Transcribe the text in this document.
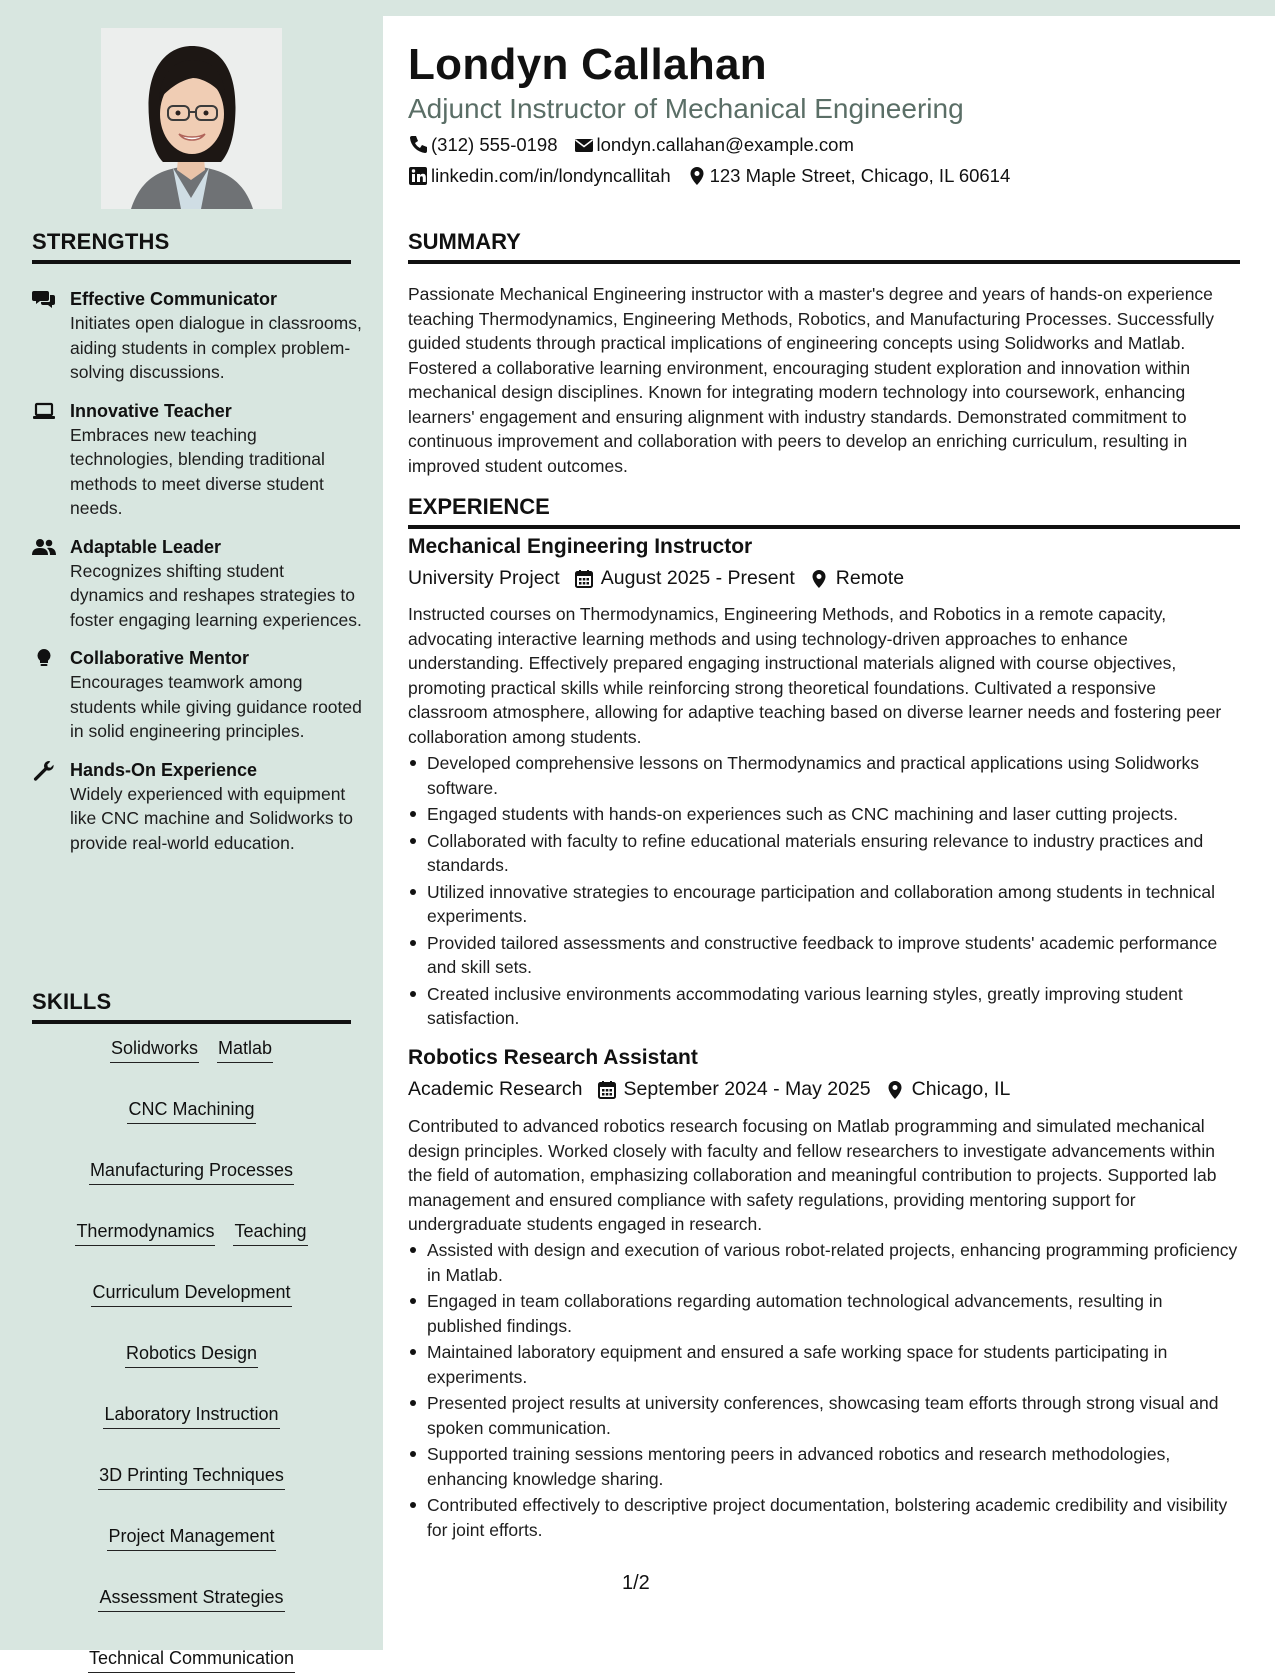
STRENGTHS
Effective Communicator
Initiates open dialogue in classrooms, aiding students in complex problem-solving discussions.
Innovative Teacher
Embraces new teaching technologies, blending traditional methods to meet diverse student needs.
Adaptable Leader
Recognizes shifting student dynamics and reshapes strategies to foster engaging learning experiences.
Collaborative Mentor
Encourages teamwork among students while giving guidance rooted in solid engineering principles.
Hands-On Experience
Widely experienced with equipment like CNC machine and Solidworks to provide real-world education.
SKILLS
Solidworks Matlab
CNC Machining
Manufacturing Processes
Thermodynamics Teaching
Curriculum Development
Robotics Design
Laboratory Instruction
3D Printing Techniques
Project Management
Assessment Strategies
Technical Communication
Londyn Callahan
Adjunct Instructor of Mechanical Engineering
(312) 555-0198 londyn.callahan@example.com
linkedin.com/in/londyncallitah 123 Maple Street, Chicago, IL 60614
SUMMARY
Passionate Mechanical Engineering instructor with a master's degree and years of hands-on experience teaching Thermodynamics, Engineering Methods, Robotics, and Manufacturing Processes. Successfully guided students through practical implications of engineering concepts using Solidworks and Matlab. Fostered a collaborative learning environment, encouraging student exploration and innovation within mechanical design disciplines. Known for integrating modern technology into coursework, enhancing learners' engagement and ensuring alignment with industry standards. Demonstrated commitment to continuous improvement and collaboration with peers to develop an enriching curriculum, resulting in improved student outcomes.
EXPERIENCE
Mechanical Engineering Instructor
University Project August 2025 - Present Remote
Instructed courses on Thermodynamics, Engineering Methods, and Robotics in a remote capacity, advocating interactive learning methods and using technology-driven approaches to enhance understanding. Effectively prepared engaging instructional materials aligned with course objectives, promoting practical skills while reinforcing strong theoretical foundations. Cultivated a responsive classroom atmosphere, allowing for adaptive teaching based on diverse learner needs and fostering peer collaboration among students.
Developed comprehensive lessons on Thermodynamics and practical applications using Solidworks software.
Engaged students with hands-on experiences such as CNC machining and laser cutting projects.
Collaborated with faculty to refine educational materials ensuring relevance to industry practices and standards.
Utilized innovative strategies to encourage participation and collaboration among students in technical experiments.
Provided tailored assessments and constructive feedback to improve students' academic performance and skill sets.
Created inclusive environments accommodating various learning styles, greatly improving student satisfaction.
Robotics Research Assistant
Academic Research September 2024 - May 2025 Chicago, IL
Contributed to advanced robotics research focusing on Matlab programming and simulated mechanical design principles. Worked closely with faculty and fellow researchers to investigate advancements within the field of automation, emphasizing collaboration and meaningful contribution to projects. Supported lab management and ensured compliance with safety regulations, providing mentoring support for undergraduate students engaged in research.
Assisted with design and execution of various robot-related projects, enhancing programming proficiency in Matlab.
Engaged in team collaborations regarding automation technological advancements, resulting in published findings.
Maintained laboratory equipment and ensured a safe working space for students participating in experiments.
Presented project results at university conferences, showcasing team efforts through strong visual and spoken communication.
Supported training sessions mentoring peers in advanced robotics and research methodologies, enhancing knowledge sharing.
Contributed effectively to descriptive project documentation, bolstering academic credibility and visibility for joint efforts.
1/2
